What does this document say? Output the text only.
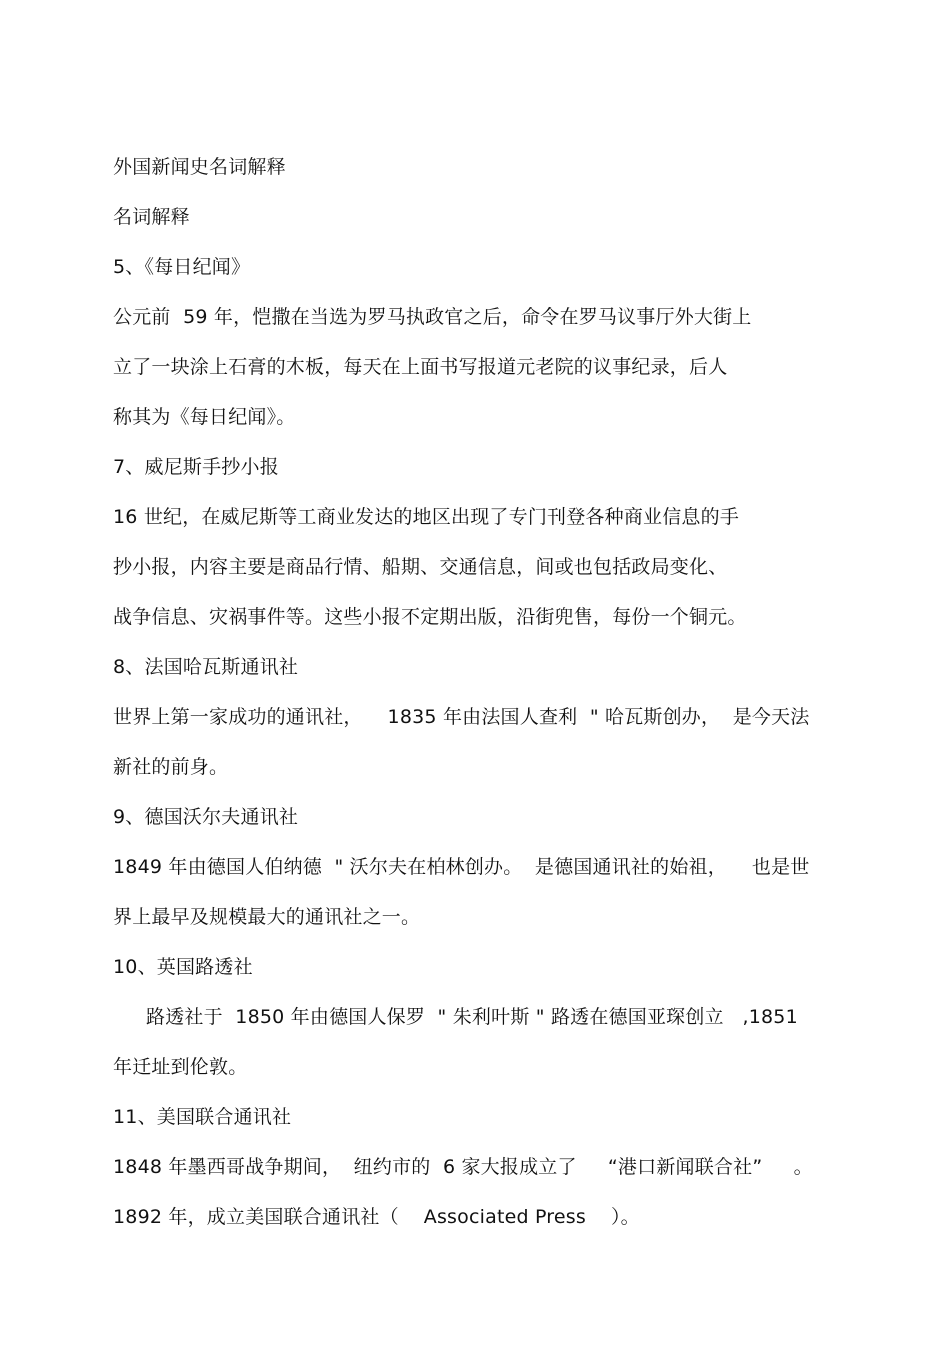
外国新闻史名词解释
名词解释
5、《每日纪闻》
公元前  59 年，恺撒在当选为罗马执政官之后，命令在罗马议事厅外大街上
立了一块涂上石膏的木板，每天在上面书写报道元老院的议事纪录，后人
称其为《每日纪闻》。
7、威尼斯手抄小报
16 世纪，在威尼斯等工商业发达的地区出现了专门刊登各种商业信息的手
抄小报，内容主要是商品行情、船期、交通信息，间或也包括政局变化、
战争信息、灾祸事件等。这些小报不定期出版，沿街兜售，每份一个铜元。
8、法国哈瓦斯通讯社
世界上第一家成功的通讯社，    1835 年由法国人查利  " 哈瓦斯创办，  是今天法
新社的前身。
9、德国沃尔夫通讯社
1849 年由德国人伯纳德  " 沃尔夫在柏林创办。  是德国通讯社的始祖，    也是世
界上最早及规模最大的通讯社之一。
10、英国路透社
路透社于  1850 年由德国人保罗  " 朱利叶斯 " 路透在德国亚琛创立   ,1851
年迁址到伦敦。
11、美国联合通讯社
1848 年墨西哥战争期间，  纽约市的  6 家大报成立了     “港口新闻联合社”     。
1892 年，成立美国联合通讯社（    Associated Press    ）。
